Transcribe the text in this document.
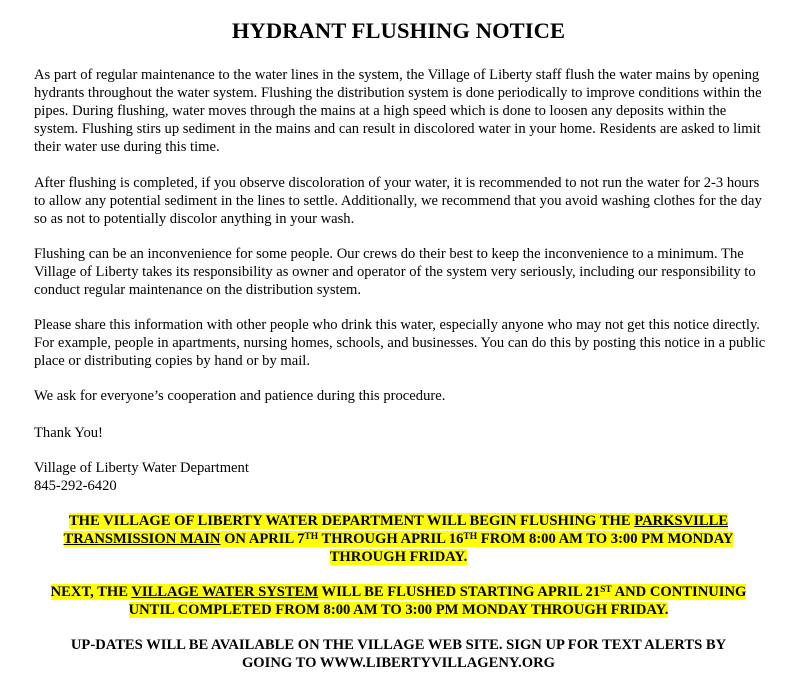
HYDRANT FLUSHING NOTICE

As part of regular maintenance to the water lines in the system, the Village of Liberty staff flush the water mains by opening hydrants throughout the water system. Flushing the distribution system is done periodically to improve conditions within the pipes. During flushing, water moves through the mains at a high speed which is done to loosen any deposits within the system. Flushing stirs up sediment in the mains and can result in discolored water in your home. Residents are asked to limit their water use during this time.

After flushing is completed, if you observe discoloration of your water, it is recommended to not run the water for 2-3 hours to allow any potential sediment in the lines to settle. Additionally, we recommend that you avoid washing clothes for the day so as not to potentially discolor anything in your wash.

Flushing can be an inconvenience for some people. Our crews do their best to keep the inconvenience to a minimum. The Village of Liberty takes its responsibility as owner and operator of the system very seriously, including our responsibility to conduct regular maintenance on the distribution system.

Please share this information with other people who drink this water, especially anyone who may not get this notice directly. For example, people in apartments, nursing homes, schools, and businesses. You can do this by posting this notice in a public place or distributing copies by hand or by mail.

We ask for everyone’s cooperation and patience during this procedure.

Thank You!

Village of Liberty Water Department
845-292-6420

THE VILLAGE OF LIBERTY WATER DEPARTMENT WILL BEGIN FLUSHING THE PARKSVILLE
TRANSMISSION MAIN ON APRIL 7TH THROUGH APRIL 16TH FROM 8:00 AM TO 3:00 PM MONDAY THROUGH FRIDAY.

NEXT, THE VILLAGE WATER SYSTEM WILL BE FLUSHED STARTING APRIL 21ST AND CONTINUING UNTIL COMPLETED FROM 8:00 AM TO 3:00 PM MONDAY THROUGH FRIDAY.

UP-DATES WILL BE AVAILABLE ON THE VILLAGE WEB SITE. SIGN UP FOR TEXT ALERTS BY
GOING TO WWW.LIBERTYVILLAGENY.ORG
